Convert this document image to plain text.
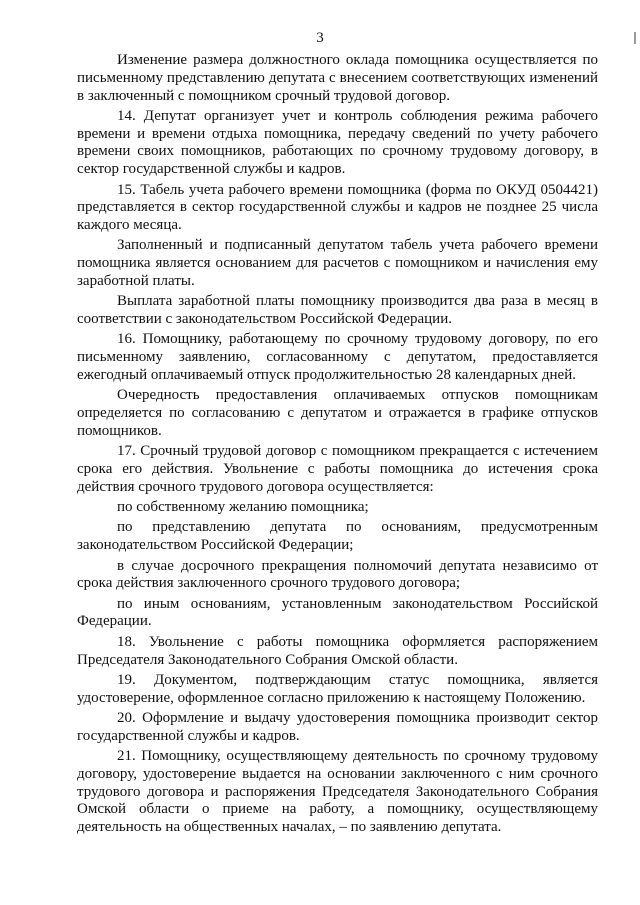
3

Изменение размера должностного оклада помощника осуществляется по письменному представлению депутата с внесением соответствующих изменений в заключенный с помощником срочный трудовой договор.

14. Депутат организует учет и контроль соблюдения режима рабочего времени и времени отдыха помощника, передачу сведений по учету рабочего времени своих помощников, работающих по срочному трудовому договору, в сектор государственной службы и кадров.

15. Табель учета рабочего времени помощника (форма по ОКУД 0504421) представляется в сектор государственной службы и кадров не позднее 25 числа каждого месяца.

Заполненный и подписанный депутатом табель учета рабочего времени помощника является основанием для расчетов с помощником и начисления ему заработной платы.

Выплата заработной платы помощнику производится два раза в месяц в соответствии с законодательством Российской Федерации.

16. Помощнику, работающему по срочному трудовому договору, по его письменному заявлению, согласованному с депутатом, предоставляется ежегодный оплачиваемый отпуск продолжительностью 28 календарных дней.

Очередность предоставления оплачиваемых отпусков помощникам определяется по согласованию с депутатом и отражается в графике отпусков помощников.

17. Срочный трудовой договор с помощником прекращается с истечением срока его действия. Увольнение с работы помощника до истечения срока действия срочного трудового договора осуществляется:

по собственному желанию помощника;

по представлению депутата по основаниям, предусмотренным законодательством Российской Федерации;

в случае досрочного прекращения полномочий депутата независимо от срока действия заключенного срочного трудового договора;

по иным основаниям, установленным законодательством Российской Федерации.

18. Увольнение с работы помощника оформляется распоряжением Председателя Законодательного Собрания Омской области.

19. Документом, подтверждающим статус помощника, является удостоверение, оформленное согласно приложению к настоящему Положению.

20. Оформление и выдачу удостоверения помощника производит сектор государственной службы и кадров.

21. Помощнику, осуществляющему деятельность по срочному трудовому договору, удостоверение выдается на основании заключенного с ним срочного трудового договора и распоряжения Председателя Законодательного Собрания Омской области о приеме на работу, а помощнику, осуществляющему деятельность на общественных началах, – по заявлению депутата.
